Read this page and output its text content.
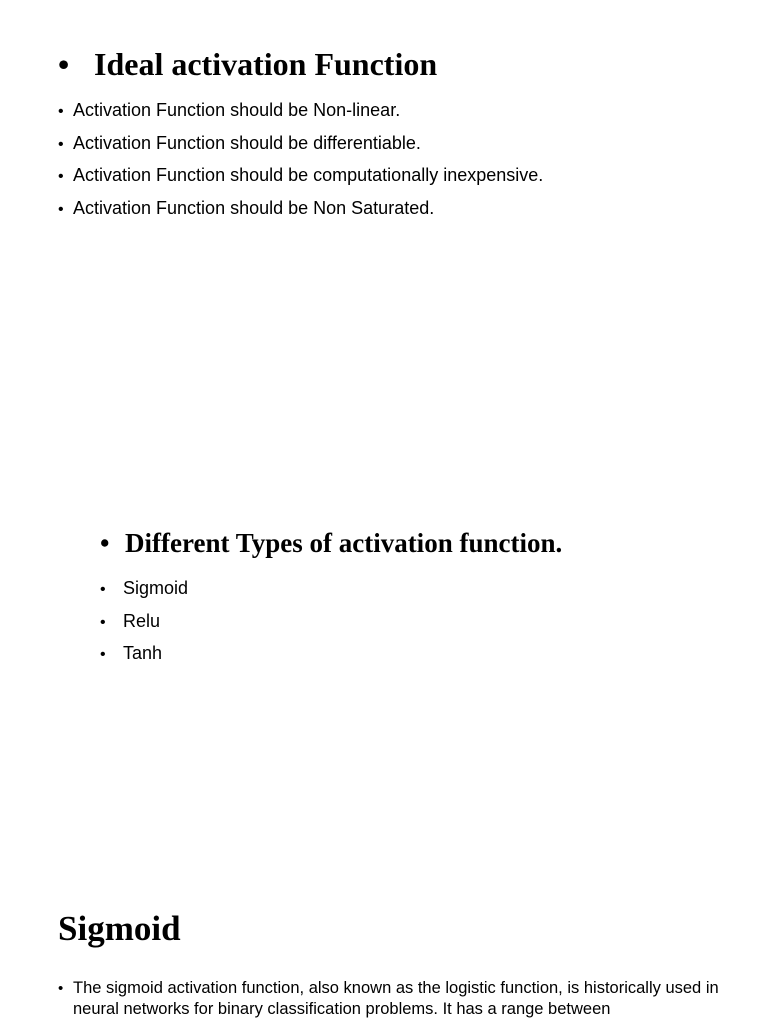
• Ideal activation Function
• Activation Function should be Non-linear.
• Activation Function should be differentiable.
• Activation Function should be computationally inexpensive.
• Activation Function should be Non Saturated.
• Different Types of activation function.
• Sigmoid
• Relu
• Tanh
Sigmoid
• The sigmoid activation function, also known as the logistic function, is historically used in neural networks for binary classification problems. It has a range between
